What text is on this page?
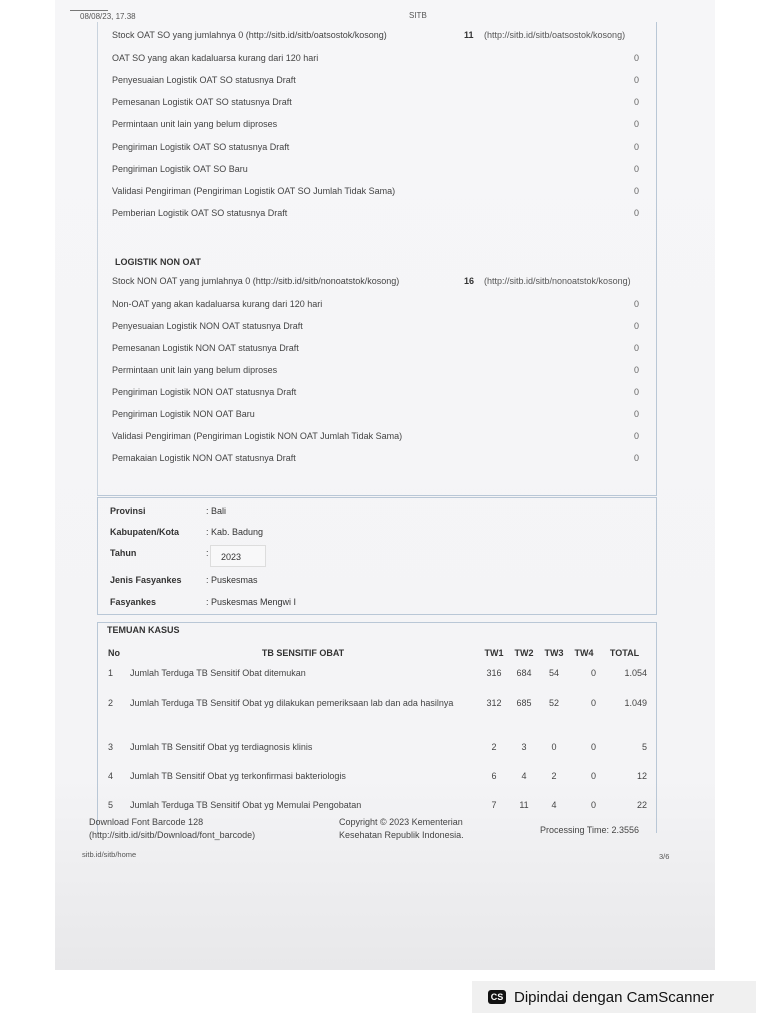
08/08/23, 17.38	SITB
Stock OAT SO yang jumlahnya 0 (http://sitb.id/sitb/oatsostok/kosong)	11 (http://sitb.id/sitb/oatsostok/kosong)
OAT SO yang akan kadaluarsa kurang dari 120 hari	0
Penyesuaian Logistik OAT SO statusnya Draft	0
Pemesanan Logistik OAT SO statusnya Draft	0
Permintaan unit lain yang belum diproses	0
Pengiriman Logistik OAT SO statusnya Draft	0
Pengiriman Logistik OAT SO Baru	0
Validasi Pengiriman (Pengiriman Logistik OAT SO Jumlah Tidak Sama)	0
Pemberian Logistik OAT SO statusnya Draft	0
LOGISTIK NON OAT
Stock NON OAT yang jumlahnya 0 (http://sitb.id/sitb/nonoatstok/kosong)	16 (http://sitb.id/sitb/nonoatstok/kosong)
Non-OAT yang akan kadaluarsa kurang dari 120 hari	0
Penyesuaian Logistik NON OAT statusnya Draft	0
Pemesanan Logistik NON OAT statusnya Draft	0
Permintaan unit lain yang belum diproses	0
Pengiriman Logistik NON OAT statusnya Draft	0
Pengiriman Logistik NON OAT Baru	0
Validasi Pengiriman (Pengiriman Logistik NON OAT Jumlah Tidak Sama)	0
Pemakaian Logistik NON OAT statusnya Draft	0
Provinsi	: Bali
Kabupaten/Kota	: Kab. Badung
Tahun	:	2023
Jenis Fasyankes	: Puskesmas
Fasyankes	: Puskesmas Mengwi I
TEMUAN KASUS
No	TB SENSITIF OBAT	TW1	TW2	TW3	TW4	TOTAL
1	Jumlah Terduga TB Sensitif Obat ditemukan	316	684	54	0	1.054
2	Jumlah Terduga TB Sensitif Obat yg dilakukan pemeriksaan lab dan ada hasilnya	312	685	52	0	1.049
3	Jumlah TB Sensitif Obat yg terdiagnosis klinis	2	3	0	0	5
4	Jumlah TB Sensitif Obat yg terkonfirmasi bakteriologis	6	4	2	0	12
5	Jumlah Terduga TB Sensitif Obat yg Memulai Pengobatan	7	11	4	0	22
Download Font Barcode 128
(http://sitb.id/sitb/Download/font_barcode)
Copyright © 2023 Kementerian
Kesehatan Republik Indonesia.	Processing Time: 2.3556
sitb.id/sitb/home	3/6
CS Dipindai dengan CamScanner
